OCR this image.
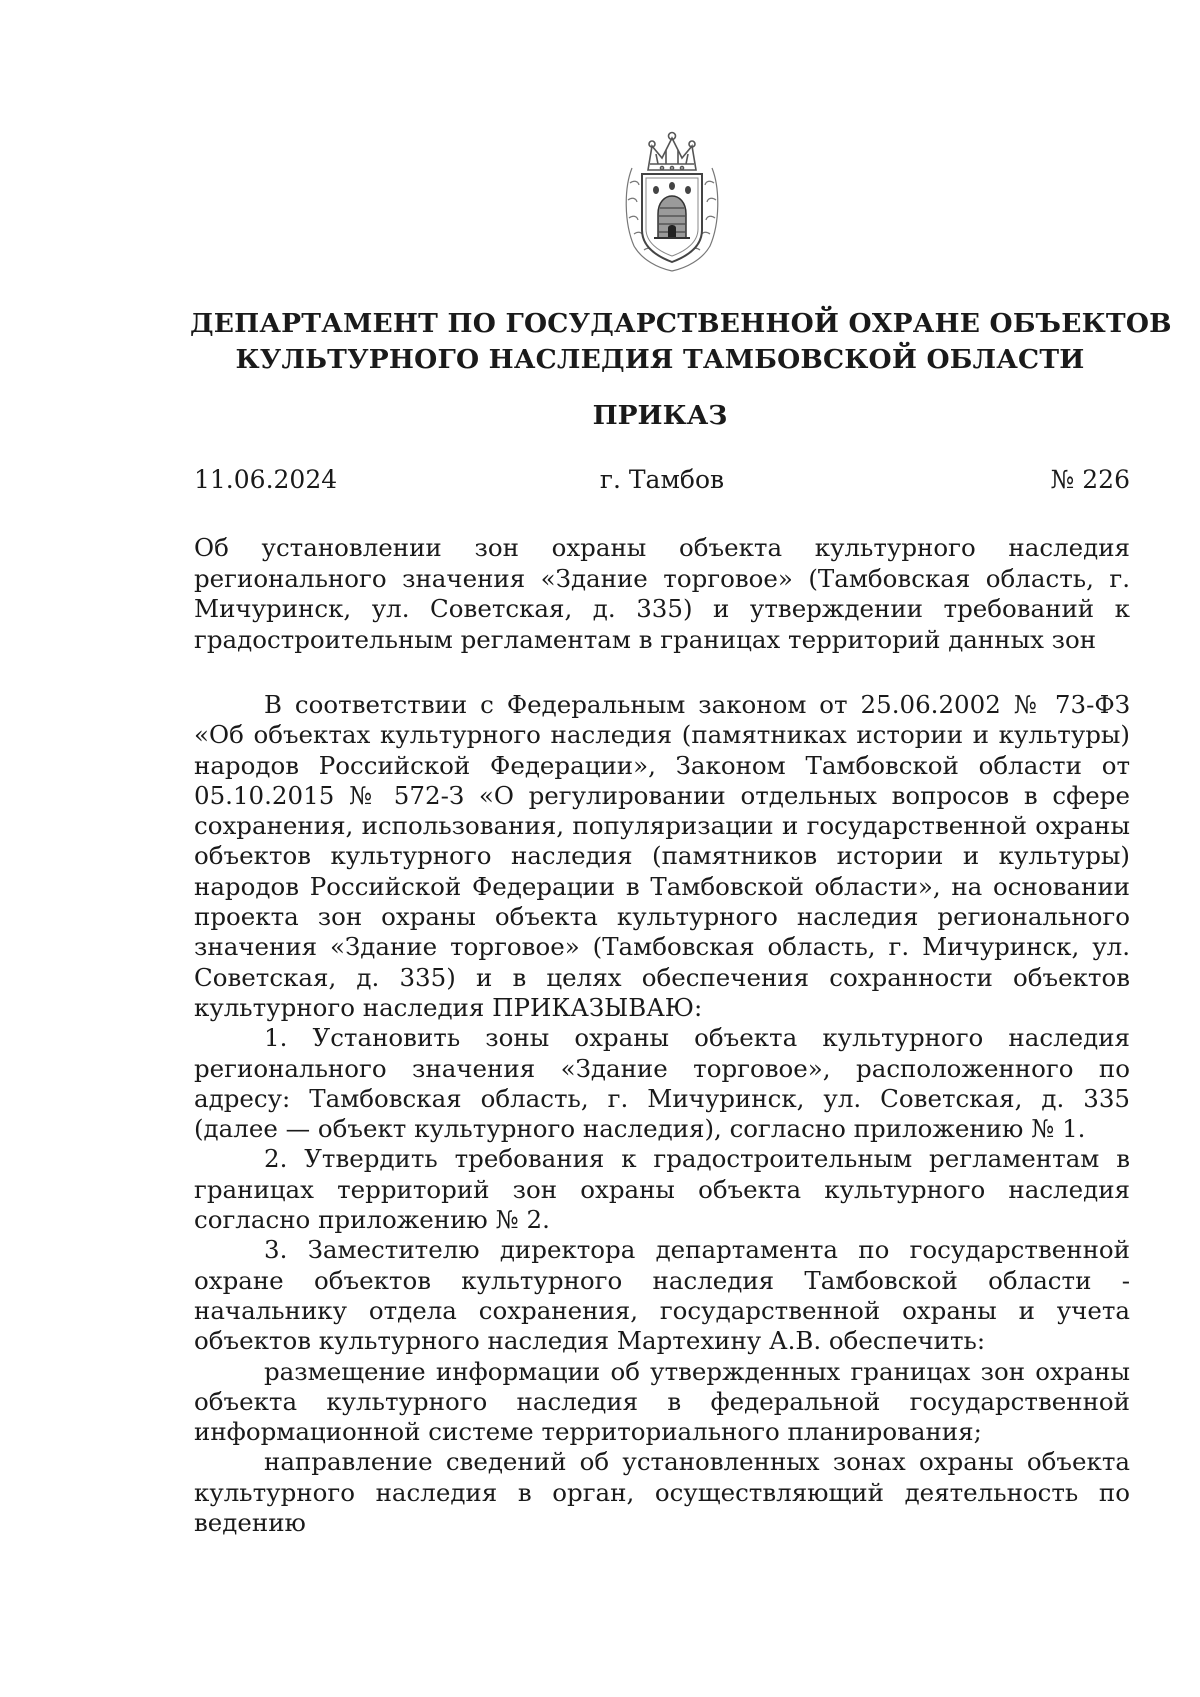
ДЕПАРТАМЕНТ ПО ГОСУДАРСТВЕННОЙ ОХРАНЕ ОБЪЕКТОВ
КУЛЬТУРНОГО НАСЛЕДИЯ ТАМБОВСКОЙ ОБЛАСТИ
ПРИКАЗ
г. Тамбов
11.06.2024	№ 226
Об установлении зон охраны объекта культурного наследия регионального значения «Здание торговое» (Тамбовская область, г. Мичуринск, ул. Советская, д. 335) и утверждении требований к градостроительным регламентам в границах территорий данных зон

В соответствии с Федеральным законом от 25.06.2002 № 73-ФЗ «Об объектах культурного наследия (памятниках истории и культуры) народов Российской Федерации», Законом Тамбовской области от 05.10.2015 № 572-З «О регулировании отдельных вопросов в сфере сохранения, использования, популяризации и государственной охраны объектов культурного наследия (памятников истории и культуры) народов Российской Федерации в Тамбовской области», на основании проекта зон охраны объекта культурного наследия регионального значения «Здание торговое» (Тамбовская область, г. Мичуринск, ул. Советская, д. 335) и в целях обеспечения сохранности объектов культурного наследия ПРИКАЗЫВАЮ:

1. Установить зоны охраны объекта культурного наследия регионального значения «Здание торговое», расположенного по адресу: Тамбовская область, г. Мичуринск, ул. Советская, д. 335 (далее — объект культурного наследия), согласно приложению № 1.

2. Утвердить требования к градостроительным регламентам в границах территорий зон охраны объекта культурного наследия согласно приложению № 2.

3. Заместителю директора департамента по государственной охране объектов культурного наследия Тамбовской области - начальнику отдела сохранения, государственной охраны и учета объектов культурного наследия Мартехину А.В. обеспечить:

размещение информации об утвержденных границах зон охраны объекта культурного наследия в федеральной государственной информационной системе территориального планирования;

направление сведений об установленных зонах охраны объекта культурного наследия в орган, осуществляющий деятельность по ведению
